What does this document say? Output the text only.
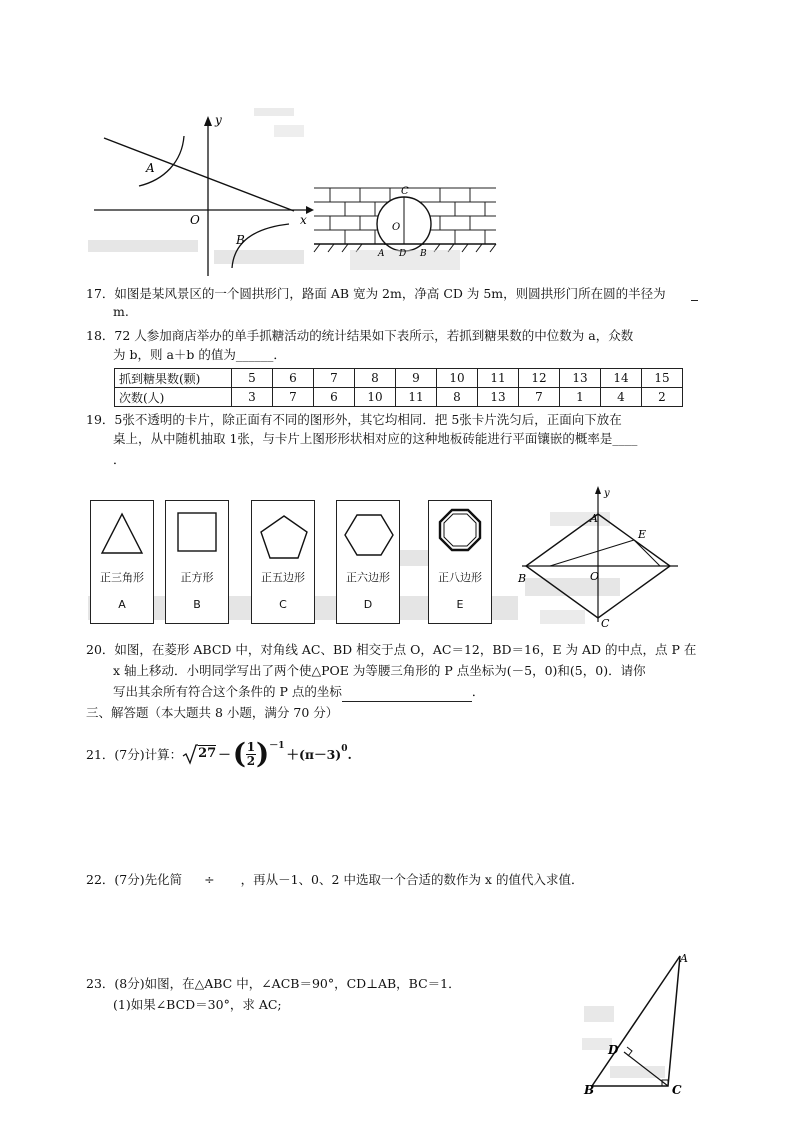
y
x
O
A
B
C
O
A D B
17．如图是某风景区的一个圆拱形门，路面 AB 宽为 2m，净高 CD 为 5m，则圆拱形门所在圆的半径为
m.
18．72 人参加商店举办的单手抓糖活动的统计结果如下表所示，若抓到糖果数的中位数为 a，众数
为 b，则 a＋b 的值为______．
抓到糖果数(颗)	5	6	7	8	9	10	11	12	13	14	15
次数(人)	3	7	6	10	11	8	13	7	1	4	2
19．5张不透明的卡片，除正面有不同的图形外，其它均相同．把 5张卡片洗匀后，正面向下放在
桌上，从中随机抽取 1张，与卡片上图形形状相对应的这种地板砖能进行平面镶嵌的概率是____
．
正三角形
A
正方形
B
正五边形
C
正六边形
D
正八边形
E
y
A
E
B	O
C
20．如图，在菱形 ABCD 中，对角线 AC、BD 相交于点 O，AC＝12，BD＝16，E 为 AD 的中点，点 P 在
x 轴上移动．小明同学写出了两个使△POE 为等腰三角形的 P 点坐标为(－5，0)和(5，0)．请你
写出其余所有符合这个条件的 P 点的坐标	．
三、解答题（本大题共 8 小题，满分 70 分）
21．(7分)计算： 27 － ( 1
2 ) －1
＋(π－3) 0 .
22．(7分)先化简 ÷ ，再从－1、0、2 中选取一个合适的数作为 x 的值代入求值．
23．(8分)如图，在△ABC 中，∠ACB＝90°，CD⊥AB，BC＝1．
(1)如果∠BCD＝30°，求 AC;
A
D
B	C
